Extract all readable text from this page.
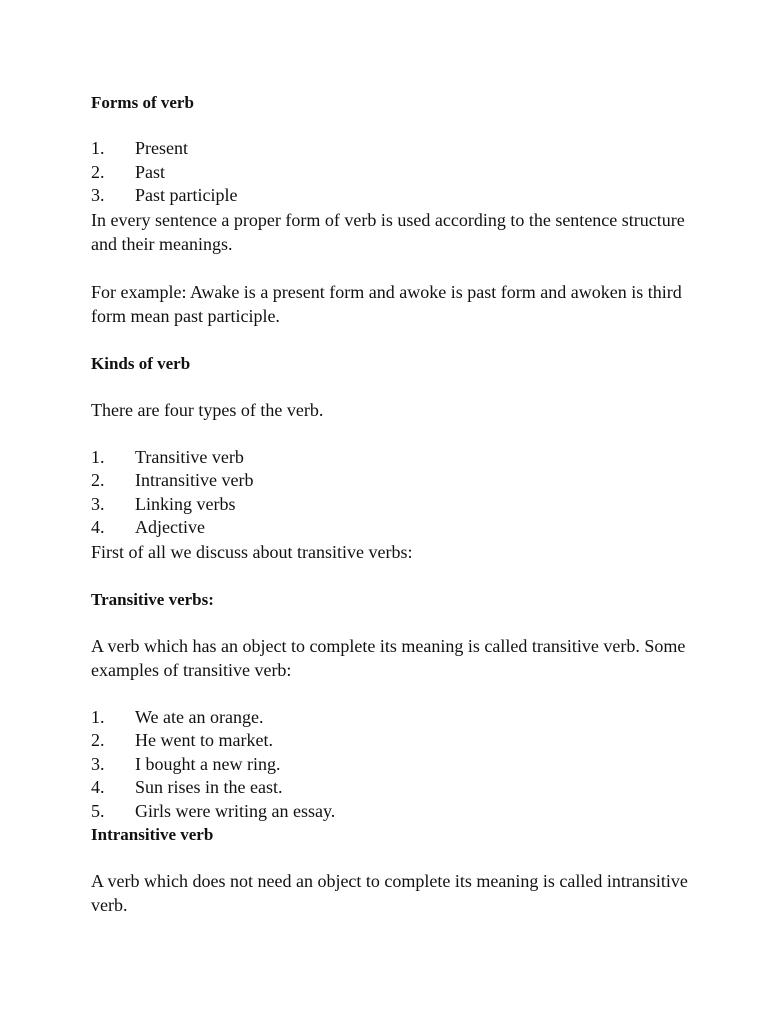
Forms of verb
1.	Present
2.	Past
3.	Past participle

In every sentence a proper form of verb is used according to the sentence structure and their meanings.

For example: Awake is a present form and awoke is past form and awoken is third form mean past participle.

Kinds of verb

There are four types of the verb.

1.	Transitive verb
2.	Intransitive verb
3.	Linking verbs
4.	Adjective

First of all we discuss about transitive verbs:

Transitive verbs:

A verb which has an object to complete its meaning is called transitive verb. Some examples of transitive verb:

1.	We ate an orange.
2.	He went to market.
3.	I bought a new ring.
4.	Sun rises in the east.
5.	Girls were writing an essay.
Intransitive verb

A verb which does not need an object to complete its meaning is called intransitive verb.
